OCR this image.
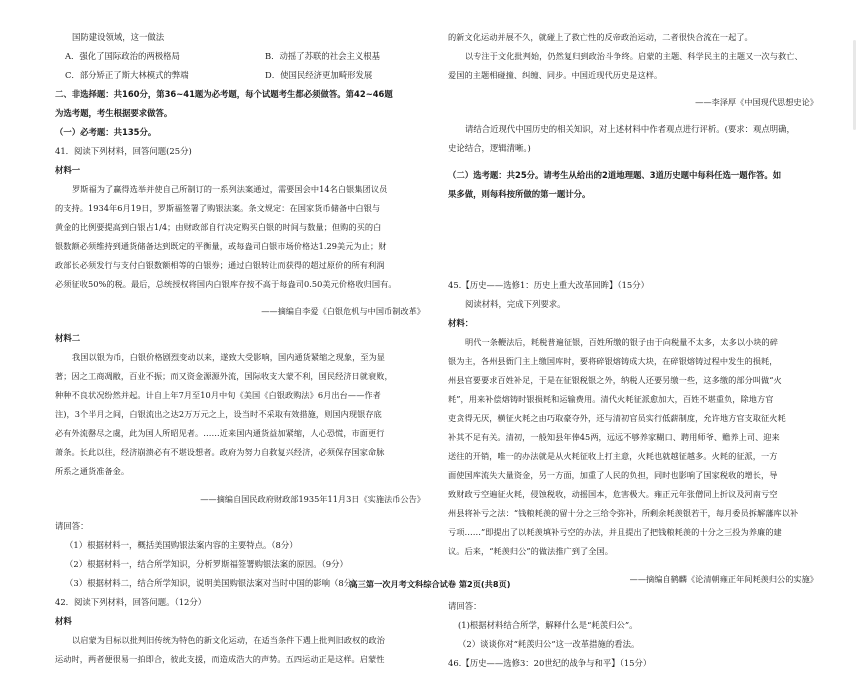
国防建设领域，这一做法

A．强化了国际政治的两极格局	B．动摇了苏联的社会主义根基
C．部分矫正了斯大林模式的弊端	D．使国民经济更加畸形发展

二、非选择题：共160分，第36~41题为必考题，每个试题考生都必须做答。第42~46题

为选考题，考生根据要求做答。

（一）必考题：共135分。

41．阅读下列材料，回答问题(25分)

材料一

罗斯福为了赢得选举并使自己所制订的一系列法案通过，需要国会中14名白银集团议员

的支持。1934年6月19日，罗斯福签署了购银法案。条文规定：在国家货币储备中白银与

黄金的比例要提高到白银占1/4；由财政部自行决定购买白银的时间与数量；但购的买的白

银数额必须维持到通货储备达到既定的平衡量，或每盎司白银市场价格达1.29美元为止；财

政部长必须发行与支付白银数额相等的白银券；通过白银转让而获得的超过原价的所有利润

必须征收50%的税。最后，总统授权将国内白银库存按不高于每盎司0.50美元价格收归国有。

——摘编自李爱《白银危机与中国币制改革》

材料二

我国以银为币，白银价格剧烈变动以来，遂致大受影响，国内通货紧缩之现象，至为显

著；因之工商凋敝，百业不振；而又资金源源外流，国际收支大蒙不利，国民经济日就衰败，

种种不良状况纷然并起。计自上年7月至10月中旬《美国《白银政购法》6月出台——作者

注)，3个半月之间，白银流出之达2万万元之上，设当时不采取有效措施，则国内现银存底

必有外流罄尽之虞，此为国人所昭见者。……近来国内通货益加紧缩，人心恐慌，市面更行

萧条。长此以往，经济崩溃必有不堪设想者。政府为努力自救复兴经济，必须保存国家命脉

所系之通货准备金。

——摘编自国民政府财政部1935年11月3日《实施法币公告》

请回答：

（1）根据材料一，概括美国购银法案内容的主要特点。（8分）

（2）根据材料一，结合所学知识，分析罗斯福签署购银法案的原因。（9分）

（3）根据材料二，结合所学知识，说明美国购银法案对当时中国的影响（8分）

42．阅读下列材料，回答问题。（12分）

材料

以启蒙为目标以批判旧传统为特色的新文化运动，在适当条件下遇上批判旧政权的政治

运动时，两者便很易一拍即合，彼此支援，而造成浩大的声势。五四运动正是这样。启蒙性

的新文化运动并展不久，就碰上了救亡性的反帝政治运动，二者很快合流在一起了。

以专注于文化批判始，仍然复归到政治斗争终。启蒙的主题、科学民主的主题又一次与救亡、

爱国的主题相碰撞、纠缠、同步。中国近现代历史是这样。

——李泽厚《中国现代思想史论》

请结合近现代中国历史的相关知识，对上述材料中作者观点进行评析。(要求：观点明确，

史论结合，逻辑清晰。)

（二）选考题：共25分。请考生从给出的2道地理题、3道历史题中每科任选一题作答。如

果多做，则每科按所做的第一题计分。

45.【历史——选修1：历史上重大改革回眸】（15分）

阅读材料，完成下列要求。

材料：

明代一条鞭法后，耗税普遍征银，百姓所缴的银子由于向税量不太多，太多以小块的碎

银为主，各州县衙门主上缴国库时，要将碎银熔铸成大块，在碎银熔铸过程中发生的损耗，

州县官要要求百姓补足，于是在征银税银之外，纳税人还要另缴一些，这多缴的部分叫做“火

耗”，用来补偿熔铸时银损耗和运输费用。清代火耗征派愈加大，百姓不堪重负，除地方官

吏贪得无厌，横征火耗之由巧取豪夺外，还与清初官员实行低薪制度，允许地方官支取征火耗

补其不足有关。清初，一般知县年俸45两，远远不够养家糊口、聘用师爷、赡养上司、迎来

送往的开销，唯一的办法就是从火耗征收上打主意，火耗也就越征越多。火耗的征派，一方

面使国库流失大量资金，另一方面，加重了人民的负担，同时也影响了国家税收的增长，导

致财政亏空遍征火耗，侵蚀税收，动摇国本，危害极大。雍正元年张僧同上折议及河南亏空

州县将补亏之法：“钱粮耗羡的留十分之三给令弥补，所剩余耗羡银若干，每月委员拆解藩库以补

亏项……”即提出了以耗羡填补亏空的办法，并且提出了把钱粮耗羡的十分之三投为养廉的建

议。后来，“耗羡归公”的做法推广到了全国。

——摘编自鹤麟《论清朝雍正年间耗羡归公的实施》

请回答：

(1)根据材料结合所学，解释什么是“耗羡归公”。

（2）谈谈你对“耗羡归公”这一改革措施的看法。

46.【历史——选修3：20世纪的战争与和平】（15分）

高三第一次月考文科综合试卷 第2页(共8页)
